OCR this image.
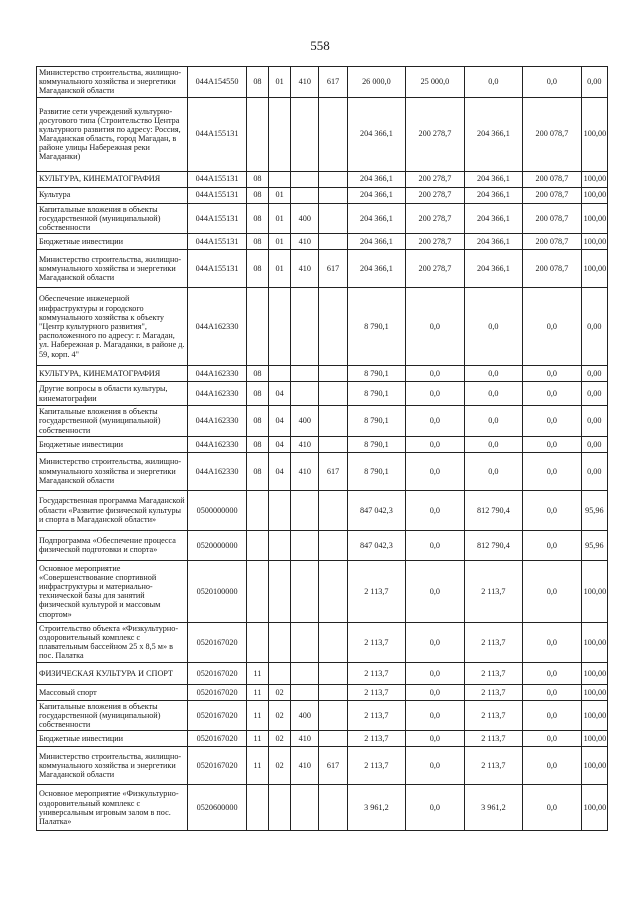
558
Министерство строительства, жилищно-коммунального хозяйства и энергетики Магаданской области	044A154550	08	01	410	617	26 000,0	25 000,0	0,0	0,0	0,00
Развитие сети учреждений культурно-досугового типа (Строительство Центра культурного развития по адресу: Россия, Магаданская область, город Магадан, в районе улицы Набережная реки Магаданки)	044A155131					204 366,1	200 278,7	204 366,1	200 078,7	100,00
КУЛЬТУРА, КИНЕМАТОГРАФИЯ	044A155131	08				204 366,1	200 278,7	204 366,1	200 078,7	100,00
Культура	044A155131	08	01			204 366,1	200 278,7	204 366,1	200 078,7	100,00
Капитальные вложения в объекты государственной (муниципальной) собственности	044A155131	08	01	400		204 366,1	200 278,7	204 366,1	200 078,7	100,00
Бюджетные инвестиции	044A155131	08	01	410		204 366,1	200 278,7	204 366,1	200 078,7	100,00
Министерство строительства, жилищно-коммунального хозяйства и энергетики Магаданской области	044A155131	08	01	410	617	204 366,1	200 278,7	204 366,1	200 078,7	100,00
Обеспечение инженерной инфраструктуры и городского коммунального хозяйства к объекту "Центр культурного развития", расположенного по адресу: г. Магадан, ул. Набережная р. Магаданки, в районе д. 59, корп. 4"	044A162330					8 790,1	0,0	0,0	0,0	0,00
КУЛЬТУРА, КИНЕМАТОГРАФИЯ	044A162330	08				8 790,1	0,0	0,0	0,0	0,00
Другие вопросы в области культуры, кинематографии	044A162330	08	04			8 790,1	0,0	0,0	0,0	0,00
Капитальные вложения в объекты государственной (муниципальной) собственности	044A162330	08	04	400		8 790,1	0,0	0,0	0,0	0,00
Бюджетные инвестиции	044A162330	08	04	410		8 790,1	0,0	0,0	0,0	0,00
Министерство строительства, жилищно-коммунального хозяйства и энергетики Магаданской области	044A162330	08	04	410	617	8 790,1	0,0	0,0	0,0	0,00
Государственная программа Магаданской области «Развитие физической культуры и спорта в Магаданской области»	0500000000					847 042,3	0,0	812 790,4	0,0	95,96
Подпрограмма «Обеспечение процесса физической подготовки и спорта»	0520000000					847 042,3	0,0	812 790,4	0,0	95,96
Основное мероприятие «Совершенствование спортивной инфраструктуры и материально-технической базы для занятий физической культурой и массовым спортом»	0520100000					2 113,7	0,0	2 113,7	0,0	100,00
Строительство объекта «Физкультурно-оздоровительный комплекс с плавательным бассейном 25 х 8,5 м» в пос. Палатка	0520167020					2 113,7	0,0	2 113,7	0,0	100,00
ФИЗИЧЕСКАЯ КУЛЬТУРА И СПОРТ	0520167020	11				2 113,7	0,0	2 113,7	0,0	100,00
Массовый спорт	0520167020	11	02			2 113,7	0,0	2 113,7	0,0	100,00
Капитальные вложения в объекты государственной (муниципальной) собственности	0520167020	11	02	400		2 113,7	0,0	2 113,7	0,0	100,00
Бюджетные инвестиции	0520167020	11	02	410		2 113,7	0,0	2 113,7	0,0	100,00
Министерство строительства, жилищно-коммунального хозяйства и энергетики Магаданской области	0520167020	11	02	410	617	2 113,7	0,0	2 113,7	0,0	100,00
Основное мероприятие «Физкультурно-оздоровительный комплекс с универсальным игровым залом в пос. Палатка»	0520600000					3 961,2	0,0	3 961,2	0,0	100,00
